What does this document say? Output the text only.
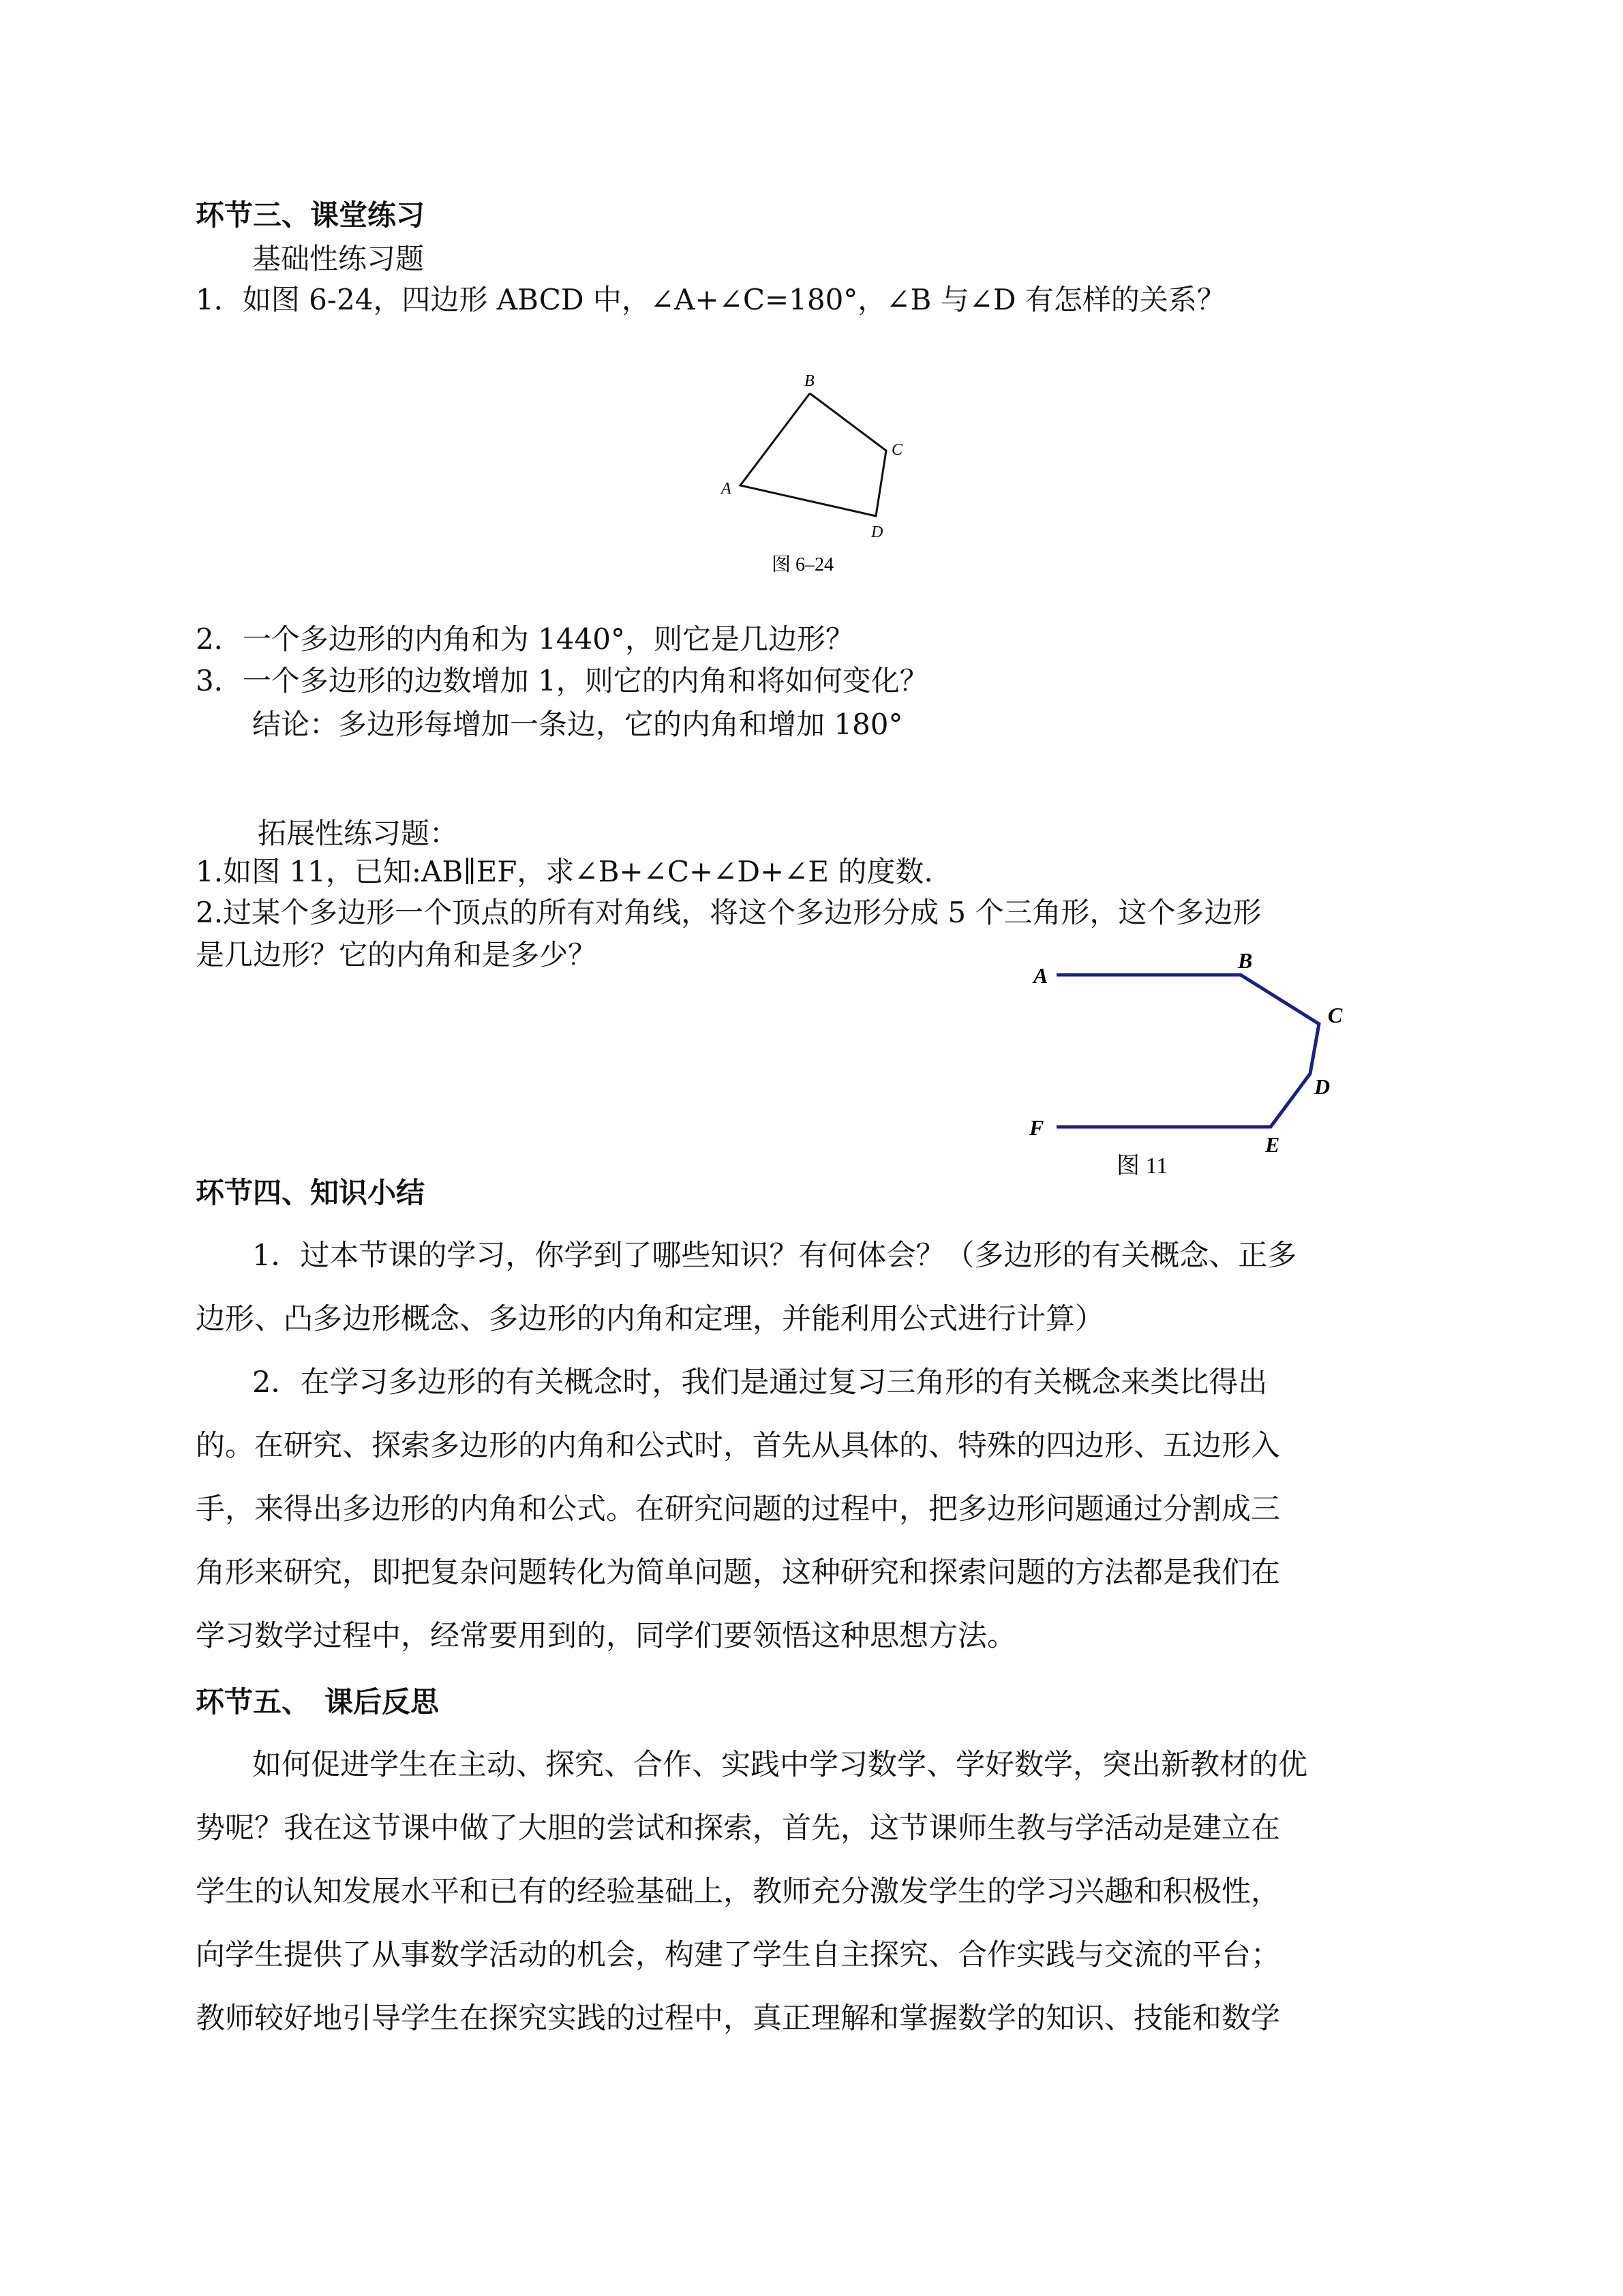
环节三、课堂练习
基础性练习题
1．如图 6-24，四边形 ABCD 中，∠A+∠C=180°，∠B 与∠D 有怎样的关系？
B
C
A
D
图 6–24
2．一个多边形的内角和为 1440°，则它是几边形？
3．一个多边形的边数增加 1，则它的内角和将如何变化？
结论：多边形每增加一条边，它的内角和增加 180°
拓展性练习题：
1.如图 11，已知:AB∥EF，求∠B+∠C+∠D+∠E 的度数.
2.过某个多边形一个顶点的所有对角线，将这个多边形分成 5 个三角形，这个多边形
是几边形？它的内角和是多少？
A
B
C
D
E
F
图 11
环节四、知识小结
1．过本节课的学习，你学到了哪些知识？有何体会？（多边形的有关概念、正多
边形、凸多边形概念、多边形的内角和定理，并能利用公式进行计算）
2．在学习多边形的有关概念时，我们是通过复习三角形的有关概念来类比得出
的。在研究、探索多边形的内角和公式时，首先从具体的、特殊的四边形、五边形入
手，来得出多边形的内角和公式。在研究问题的过程中，把多边形问题通过分割成三
角形来研究，即把复杂问题转化为简单问题，这种研究和探索问题的方法都是我们在
学习数学过程中，经常要用到的，同学们要领悟这种思想方法。
环节五、　课后反思
如何促进学生在主动、探究、合作、实践中学习数学、学好数学，突出新教材的优
势呢？我在这节课中做了大胆的尝试和探索，首先，这节课师生教与学活动是建立在
学生的认知发展水平和已有的经验基础上，教师充分激发学生的学习兴趣和积极性，
向学生提供了从事数学活动的机会，构建了学生自主探究、合作实践与交流的平台；
教师较好地引导学生在探究实践的过程中，真正理解和掌握数学的知识、技能和数学
